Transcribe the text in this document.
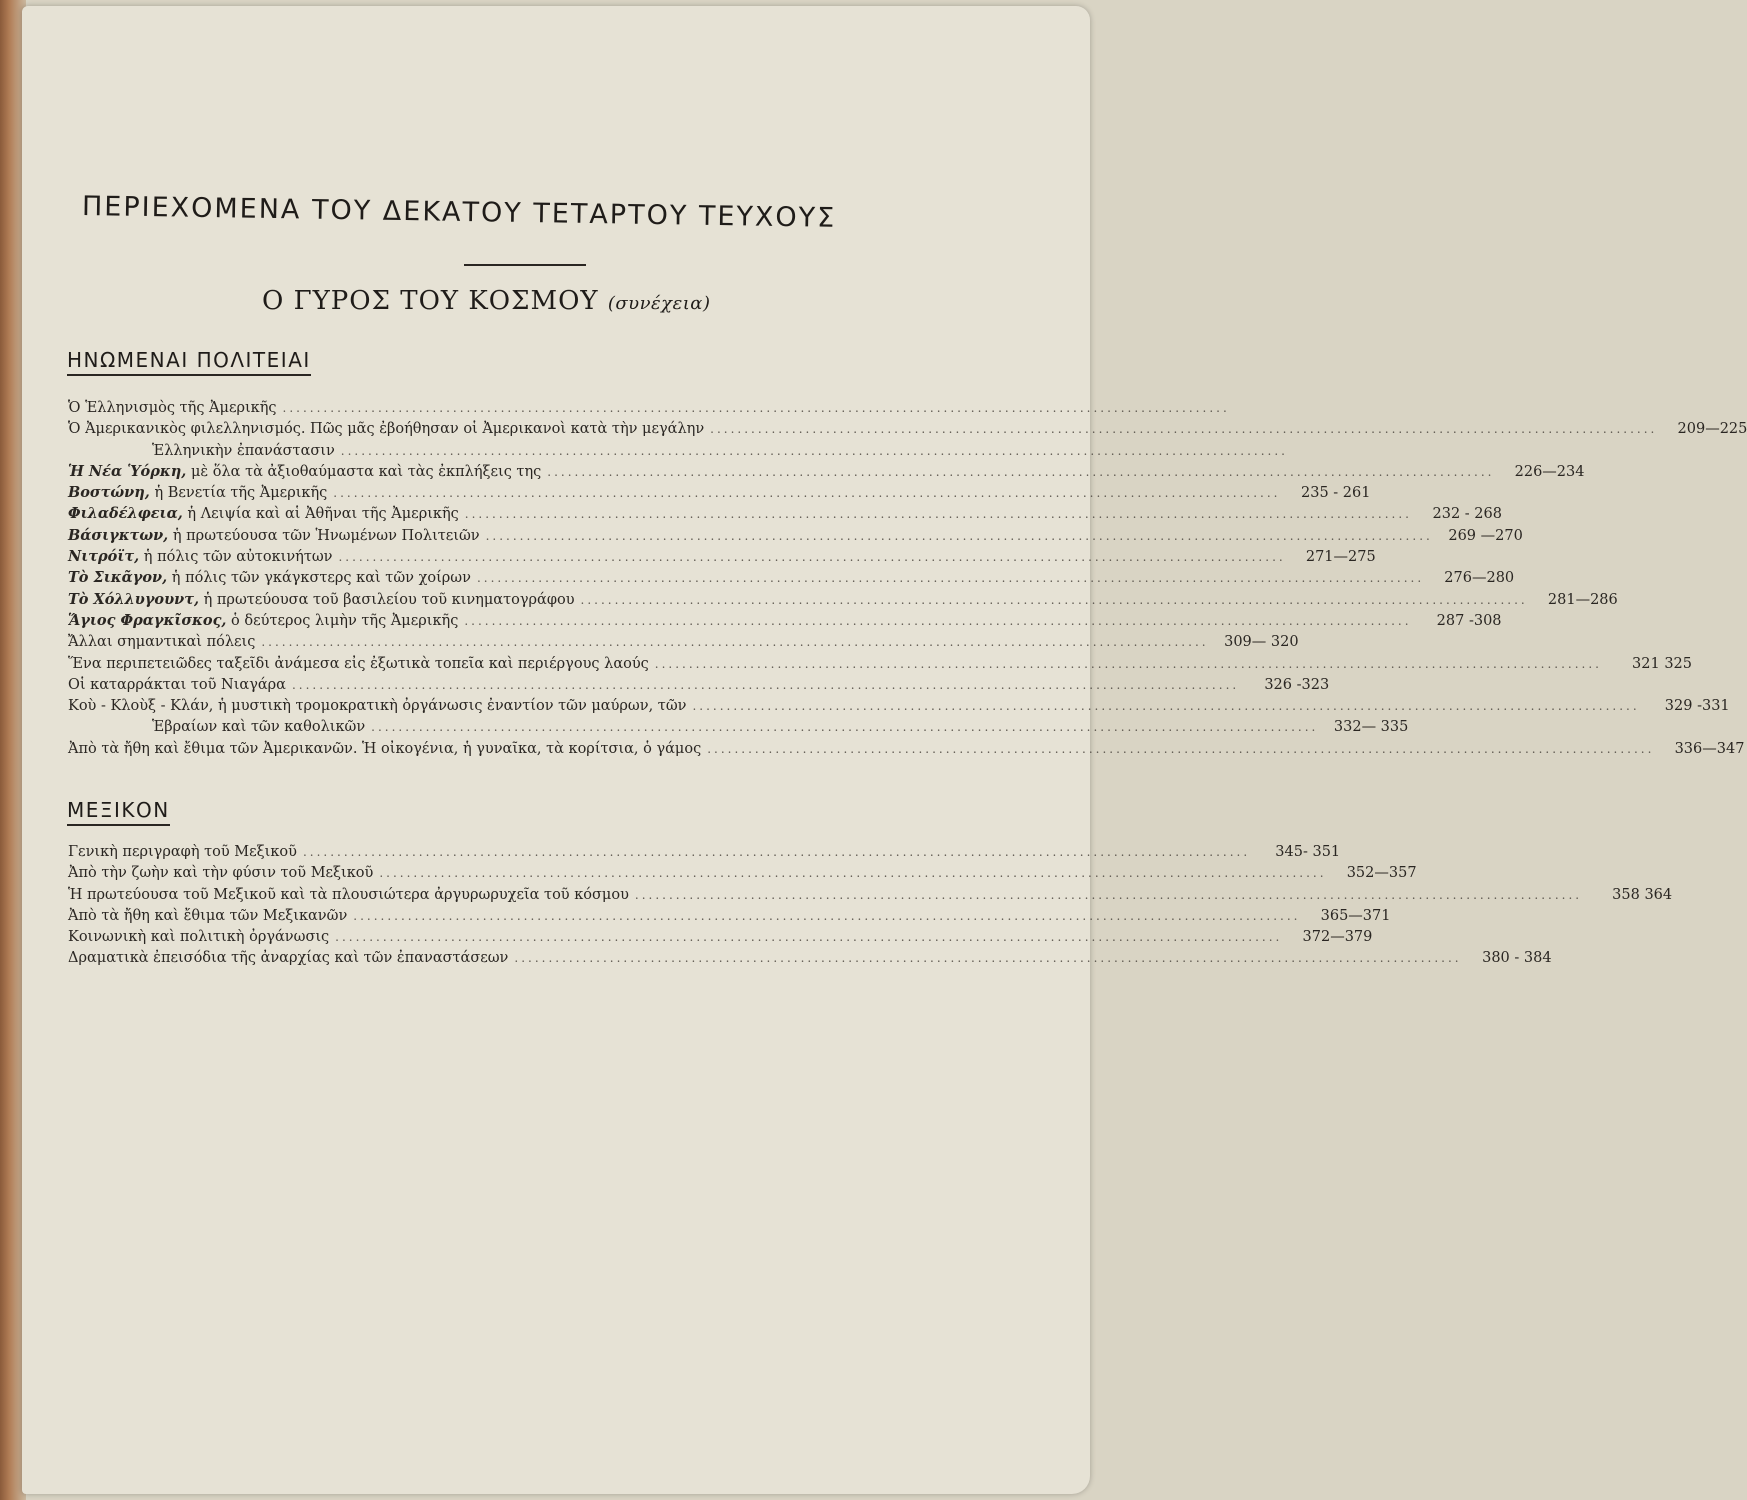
ΠΕΡΙΕΧΟΜΕΝΑ ΤΟΥ ΔΕΚΑΤΟΥ ΤΕΤΑΡΤΟΥ ΤΕΥΧΟΥΣ
Ο ΓΥΡΟΣ ΤΟΥ ΚΟΣΜΟΥ (συνέχεια)
ΗΝΩΜΕΝΑΙ ΠΟΛΙΤΕΙΑΙ
Ὁ Ἑλληνισμὸς τῆς Ἀμερικῆς ...........................................................................................................................................
Ὁ Ἀμερικανικὸς φιλελληνισμός. Πῶς μᾶς ἐβοήθησαν οἱ Ἀμερικανοὶ κατὰ τὴν μεγάλην ...........................................................................................................................................	209—225
Ἑλληνικὴν ἐπανάστασιν ...........................................................................................................................................
Ἡ Νέα Ὑόρκη, μὲ ὅλα τὰ ἀξιοθαύμαστα καὶ τὰς ἐκπλήξεις της ...........................................................................................................................................	226—234
Βοστώνη, ἡ Βενετία τῆς Ἀμερικῆς ...........................................................................................................................................	235 - 261
Φιλαδέλφεια, ἡ Λειψία καὶ αἱ Ἀθῆναι τῆς Ἀμερικῆς ...........................................................................................................................................	232 - 268
Βάσιγκτων, ἡ πρωτεύουσα τῶν Ἡνωμένων Πολιτειῶν ...........................................................................................................................................	269 —270
Νιτρόϊτ, ἡ πόλις τῶν αὐτοκινήτων ...........................................................................................................................................	271—275
Τὸ Σικᾶγον, ἡ πόλις τῶν γκάγκστερς καὶ τῶν χοίρων ...........................................................................................................................................	276—280
Τὸ Χόλλυγουντ, ἡ πρωτεύουσα τοῦ βασιλείου τοῦ κινηματογράφου ...........................................................................................................................................	281—286
Ἅγιος Φραγκῖσκος, ὁ δεύτερος λιμὴν τῆς Ἀμερικῆς ...........................................................................................................................................	287 -308
Ἄλλαι σημαντικαὶ πόλεις ...........................................................................................................................................	309— 320
Ἕνα περιπετειῶδες ταξεῖδι ἀνάμεσα εἰς ἐξωτικὰ τοπεῖα καὶ περιέργους λαούς ...........................................................................................................................................	321 325
Οἱ καταρράκται τοῦ Νιαγάρα ...........................................................................................................................................	326 -323
Κοὺ - Κλοὺξ - Κλάν, ἡ μυστικὴ τρομοκρατικὴ ὀργάνωσις ἐναντίον τῶν μαύρων, τῶν ...........................................................................................................................................	329 -331
Ἑβραίων καὶ τῶν καθολικῶν ...........................................................................................................................................	332— 335
Ἀπὸ τὰ ἤθη καὶ ἔθιμα τῶν Ἀμερικανῶν. Ἡ οἰκογένια, ἡ γυναῖκα, τὰ κορίτσια, ὁ γάμος ...........................................................................................................................................	336—347
ΜΕΞΙΚΟΝ
Γενικὴ περιγραφὴ τοῦ Μεξικοῦ ...........................................................................................................................................	345- 351
Ἀπὸ τὴν ζωὴν καὶ τὴν φύσιν τοῦ Μεξικοῦ ...........................................................................................................................................	352—357
Ἡ πρωτεύουσα τοῦ Μεξικοῦ καὶ τὰ πλουσιώτερα ἀργυρωρυχεῖα τοῦ κόσμου ...........................................................................................................................................	358 364
Ἀπὸ τὰ ἤθη καὶ ἔθιμα τῶν Μεξικανῶν ...........................................................................................................................................	365—371
Κοινωνικὴ καὶ πολιτικὴ ὀργάνωσις ...........................................................................................................................................	372—379
Δραματικὰ ἐπεισόδια τῆς ἀναρχίας καὶ τῶν ἐπαναστάσεων ...........................................................................................................................................	380 - 384
